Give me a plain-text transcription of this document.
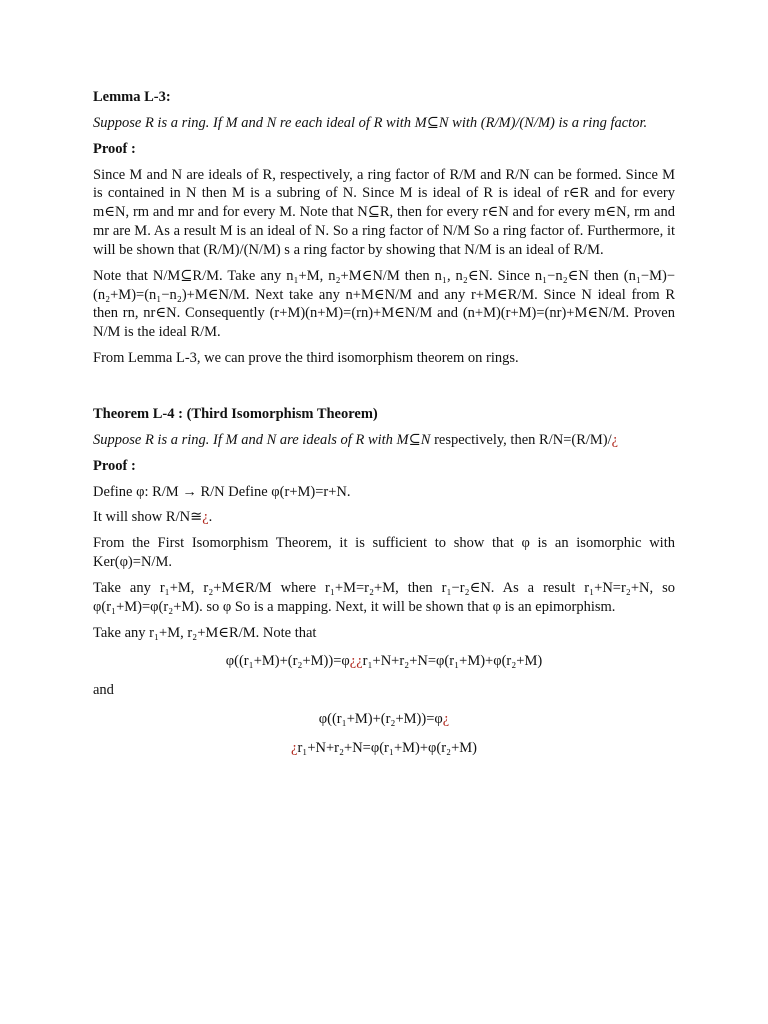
Lemma L-3:

Suppose R is a ring. If M and N re each ideal of R with M⊆N with (R/M)/(N/M) is a ring factor.

Proof :

Since M and N are ideals of R, respectively, a ring factor of R/M and R/N can be formed. Since M is contained in N then M is a subring of N. Since M is ideal of R is ideal of r∈R and for every m∈N, rm and mr and for every M. Note that N⊆R, then for every r∈N and for every m∈N, rm and mr are M. As a result M is an ideal of N. So a ring factor of N/M So a ring factor of. Furthermore, it will be shown that (R/M)/(N/M) s a ring factor by showing that N/M is an ideal of R/M.

Note that N/M⊆R/M. Take any n₁+M, n₂+M∈N/M then n₁, n₂∈N. Since n₁−n₂∈N then (n₁−M)−(n₂+M)=(n₁−n₂)+M∈N/M. Next take any n+M∈N/M and any r+M∈R/M. Since N ideal from R then rn, nr∈N. Consequently (r+M)(n+M)=(rn)+M∈N/M and (n+M)(r+M)=(nr)+M∈N/M. Proven N/M is the ideal R/M.

From Lemma L-3, we can prove the third isomorphism theorem on rings.

Theorem L-4 : (Third Isomorphism Theorem)

Suppose R is a ring. If M and N are ideals of R with M⊆N respectively, then R/N=(R/M)/¿

Proof :

Define φ: R/M → R/N Define φ(r+M)=r+N.

It will show R/N≅¿.

From the First Isomorphism Theorem, it is sufficient to show that φ is an isomorphic with Ker(φ)=N/M.

Take any r₁+M, r₂+M∈R/M where r₁+M=r₂+M, then r₁−r₂∈N. As a result r₁+N=r₂+N, so φ(r₁+M)=φ(r₂+M). so φ So is a mapping. Next, it will be shown that φ is an epimorphism.

Take any r₁+M, r₂+M∈R/M. Note that

φ((r₁+M)+(r₂+M))=φ¿¿r₁+N+r₂+N=φ(r₁+M)+φ(r₂+M)

and

φ((r₁+M)+(r₂+M))=φ¿

¿r₁+N+r₂+N=φ(r₁+M)+φ(r₂+M)
